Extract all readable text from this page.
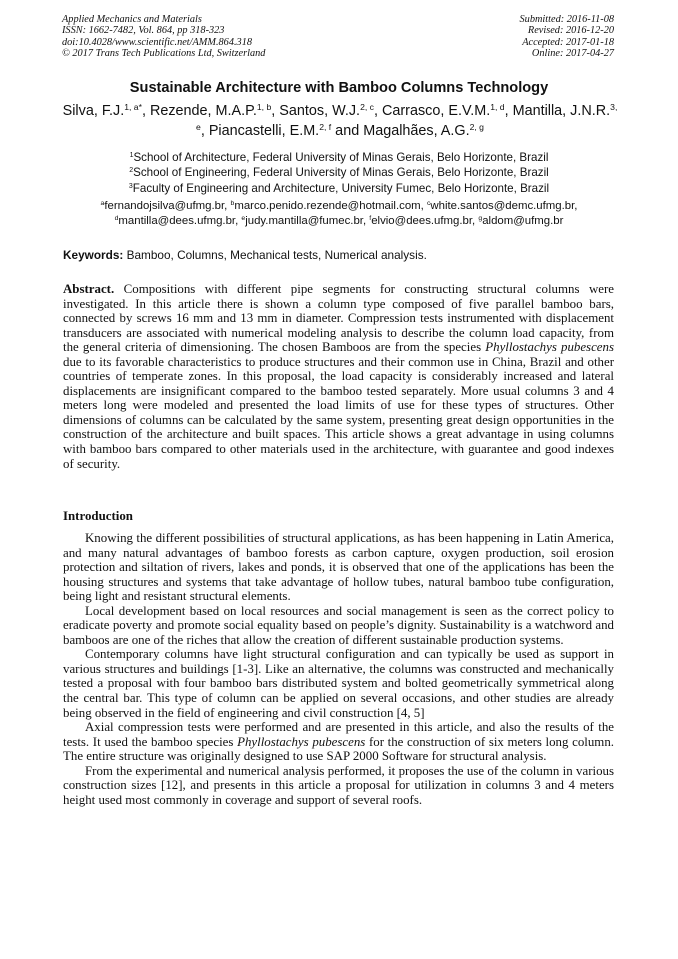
Applied Mechanics and Materials
ISSN: 1662-7482, Vol. 864, pp 318-323
doi:10.4028/www.scientific.net/AMM.864.318
© 2017 Trans Tech Publications Ltd, Switzerland
Submitted: 2016-11-08
Revised: 2016-12-20
Accepted: 2017-01-18
Online: 2017-04-27
Sustainable Architecture with Bamboo Columns Technology
Silva, F.J.$^{1, a*}$, Rezende, M.A.P.$^{1, b}$, Santos, W.J.$^{2, c}$, Carrasco, E.V.M.$^{1, d}$, Mantilla, J.N.R.$^{3, e}$, Piancastelli, E.M.$^{2, f}$ and Magalhães, A.G.$^{2, g}$
$^1$School of Architecture, Federal University of Minas Gerais, Belo Horizonte, Brazil
$^2$School of Engineering, Federal University of Minas Gerais, Belo Horizonte, Brazil
$^3$Faculty of Engineering and Architecture, University Fumec, Belo Horizonte, Brazil
$^a$fernandojsilva@ufmg.br, $^b$marco.penido.rezende@hotmail.com, $^c$white.santos@demc.ufmg.br, $^d$mantilla@dees.ufmg.br, $^e$judy.mantilla@fumec.br, $^f$elvio@dees.ufmg.br, $^g$aldom@ufmg.br
Keywords: Bamboo, Columns, Mechanical tests, Numerical analysis.
Abstract. Compositions with different pipe segments for constructing structural columns were investigated. In this article there is shown a column type composed of five parallel bamboo bars, connected by screws 16 mm and 13 mm in diameter. Compression tests instrumented with displacement transducers are associated with numerical modeling analysis to describe the column load capacity, from the general criteria of dimensioning. The chosen Bamboos are from the species Phyllostachys pubescens due to its favorable characteristics to produce structures and their common use in China, Brazil and other countries of temperate zones. In this proposal, the load capacity is considerably increased and lateral displacements are insignificant compared to the bamboo tested separately. More usual columns 3 and 4 meters long were modeled and presented the load limits of use for these types of structures. Other dimensions of columns can be calculated by the same system, presenting great design opportunities in the construction of the architecture and built spaces. This article shows a great advantage in using columns with bamboo bars compared to other materials used in the architecture, with guarantee and good indexes of security.
Introduction

Knowing the different possibilities of structural applications, as has been happening in Latin America, and many natural advantages of bamboo forests as carbon capture, oxygen production, soil erosion protection and siltation of rivers, lakes and ponds, it is observed that one of the applications has been the housing structures and systems that take advantage of hollow tubes, natural bamboo tube configuration, being light and resistant structural elements.

Local development based on local resources and social management is seen as the correct policy to eradicate poverty and promote social equality based on people’s dignity. Sustainability is a watchword and bamboos are one of the riches that allow the creation of different sustainable production systems.

Contemporary columns have light structural configuration and can typically be used as support in various structures and buildings [1-3]. Like an alternative, the columns was constructed and mechanically tested a proposal with four bamboo bars distributed system and bolted geometrically symmetrical along the central bar. This type of column can be applied on several occasions, and other studies are already being observed in the field of engineering and civil construction [4, 5]

Axial compression tests were performed and are presented in this article, and also the results of the tests. It used the bamboo species Phyllostachys pubescens for the construction of six meters long column. The entire structure was originally designed to use SAP 2000 Software for structural analysis.

From the experimental and numerical analysis performed, it proposes the use of the column in various construction sizes [12], and presents in this article a proposal for utilization in columns 3 and 4 meters height used most commonly in coverage and support of several roofs.
